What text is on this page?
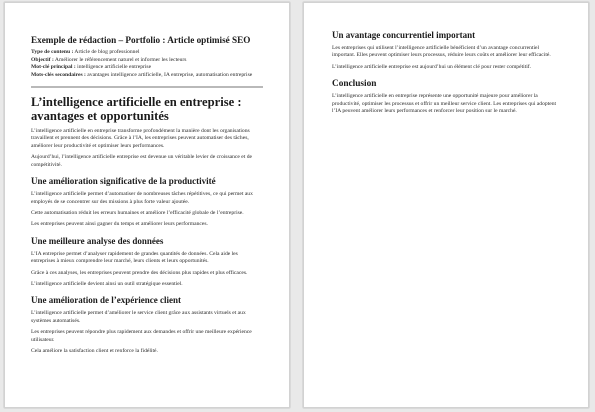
Exemple de rédaction – Portfolio : Article optimisé SEO
Type de contenu : Article de blog professionnel
Objectif : Améliorer le référencement naturel et informer les lecteurs
Mot-clé principal : intelligence artificielle entreprise
Mots-clés secondaires : avantages intelligence artificielle, IA entreprise, automatisation entreprise
L’intelligence artificielle en entreprise : avantages et opportunités

L’intelligence artificielle en entreprise transforme profondément la manière dont les organisations travaillent et prennent des décisions. Grâce à l’IA, les entreprises peuvent automatiser des tâches, améliorer leur productivité et optimiser leurs performances.

Aujourd’hui, l’intelligence artificielle entreprise est devenue un véritable levier de croissance et de compétitivité.

Une amélioration significative de la productivité

L’intelligence artificielle permet d’automatiser de nombreuses tâches répétitives, ce qui permet aux employés de se concentrer sur des missions à plus forte valeur ajoutée.

Cette automatisation réduit les erreurs humaines et améliore l’efficacité globale de l’entreprise.

Les entreprises peuvent ainsi gagner du temps et améliorer leurs performances.

Une meilleure analyse des données

L’IA entreprise permet d’analyser rapidement de grandes quantités de données. Cela aide les entreprises à mieux comprendre leur marché, leurs clients et leurs opportunités.

Grâce à ces analyses, les entreprises peuvent prendre des décisions plus rapides et plus efficaces.

L’intelligence artificielle devient ainsi un outil stratégique essentiel.

Une amélioration de l’expérience client

L’intelligence artificielle permet d’améliorer le service client grâce aux assistants virtuels et aux systèmes automatisés.

Les entreprises peuvent répondre plus rapidement aux demandes et offrir une meilleure expérience utilisateur.

Cela améliore la satisfaction client et renforce la fidélité.

Un avantage concurrentiel important

Les entreprises qui utilisent l’intelligence artificielle bénéficient d’un avantage concurrentiel important. Elles peuvent optimiser leurs processus, réduire leurs coûts et améliorer leur efficacité.

L’intelligence artificielle entreprise est aujourd’hui un élément clé pour rester compétitif.

Conclusion

L’intelligence artificielle en entreprise représente une opportunité majeure pour améliorer la productivité, optimiser les processus et offrir un meilleur service client. Les entreprises qui adoptent l’IA peuvent améliorer leurs performances et renforcer leur position sur le marché.
